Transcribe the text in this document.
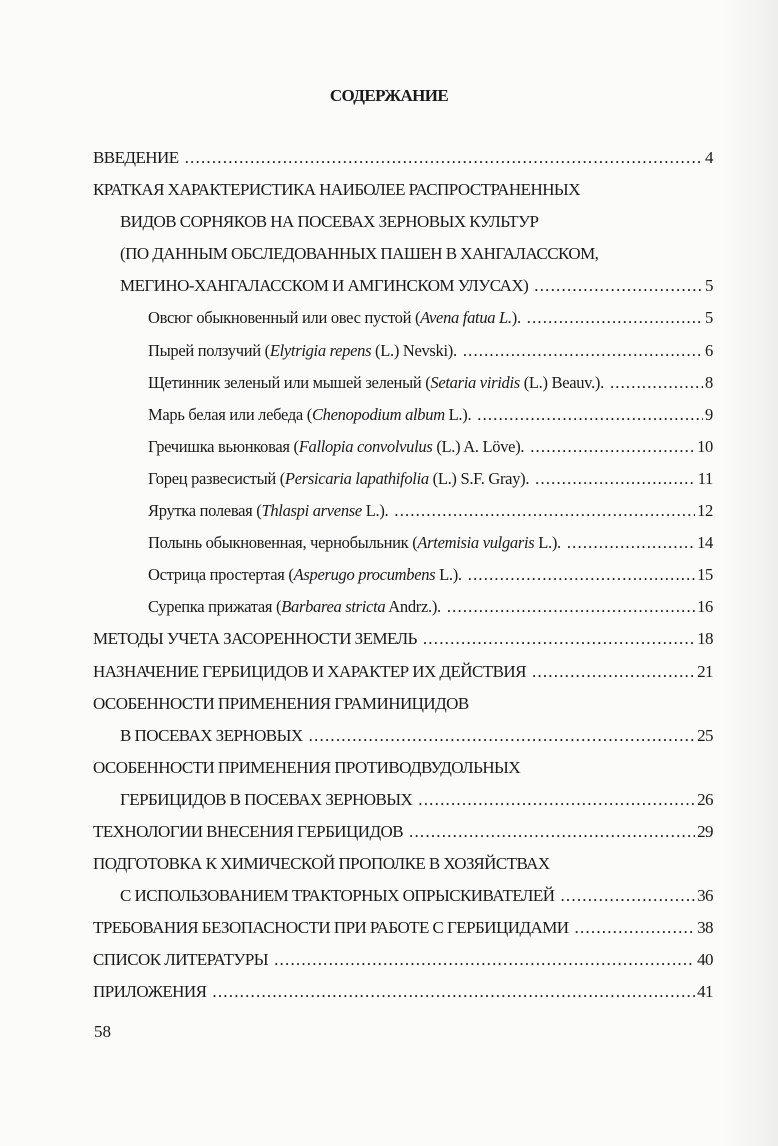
СОДЕРЖАНИЕ
ВВЕДЕНИЕ .....	4
КРАТКАЯ ХАРАКТЕРИСТИКА НАИБОЛЕЕ РАСПРОСТРАНЕННЫХ
ВИДОВ СОРНЯКОВ НА ПОСЕВАХ ЗЕРНОВЫХ КУЛЬТУР
(ПО ДАННЫМ ОБСЛЕДОВАННЫХ ПАШЕН В ХАНГАЛАССКОМ,
МЕГИНО-ХАНГАЛАССКОМ И АМГИНСКОМ УЛУСАХ) .....	5
Овсюг обыкновенный или овес пустой (Avena fatua L.). .....	5
Пырей ползучий (Elytrigia repens (L.) Nevski). .....	6
Щетинник зеленый или мышей зеленый (Setaria viridis (L.) Beauv.). .....	8
Марь белая или лебеда (Chenopodium album L.). .....	9
Гречишка вьюнковая (Fallopia convolvulus (L.) A. Löve). .....	10
Горец развесистый (Persicaria lapathifolia (L.) S.F. Gray). .....	11
Ярутка полевая (Thlaspi arvense L.). .....	12
Полынь обыкновенная, чернобыльник (Artemisia vulgaris L.). .....	14
Острица простертая (Asperugo procumbens L.). .....	15
Сурепка прижатая (Barbarea stricta Andrz.). .....	16
МЕТОДЫ УЧЕТА ЗАСОРЕННОСТИ ЗЕМЕЛЬ .....	18
НАЗНАЧЕНИЕ ГЕРБИЦИДОВ И ХАРАКТЕР ИХ ДЕЙСТВИЯ .....	21
ОСОБЕННОСТИ ПРИМЕНЕНИЯ ГРАМИНИЦИДОВ
В ПОСЕВАХ ЗЕРНОВЫХ .....	25
ОСОБЕННОСТИ ПРИМЕНЕНИЯ ПРОТИВОДВУДОЛЬНЫХ
ГЕРБИЦИДОВ В ПОСЕВАХ ЗЕРНОВЫХ .....	26
ТЕХНОЛОГИИ ВНЕСЕНИЯ ГЕРБИЦИДОВ .....	29
ПОДГОТОВКА К ХИМИЧЕСКОЙ ПРОПОЛКЕ В ХОЗЯЙСТВАХ
С ИСПОЛЬЗОВАНИЕМ ТРАКТОРНЫХ ОПРЫСКИВАТЕЛЕЙ .....	36
ТРЕБОВАНИЯ БЕЗОПАСНОСТИ ПРИ РАБОТЕ С ГЕРБИЦИДАМИ .....	38
СПИСОК ЛИТЕРАТУРЫ .....	40
ПРИЛОЖЕНИЯ .....	41
58
